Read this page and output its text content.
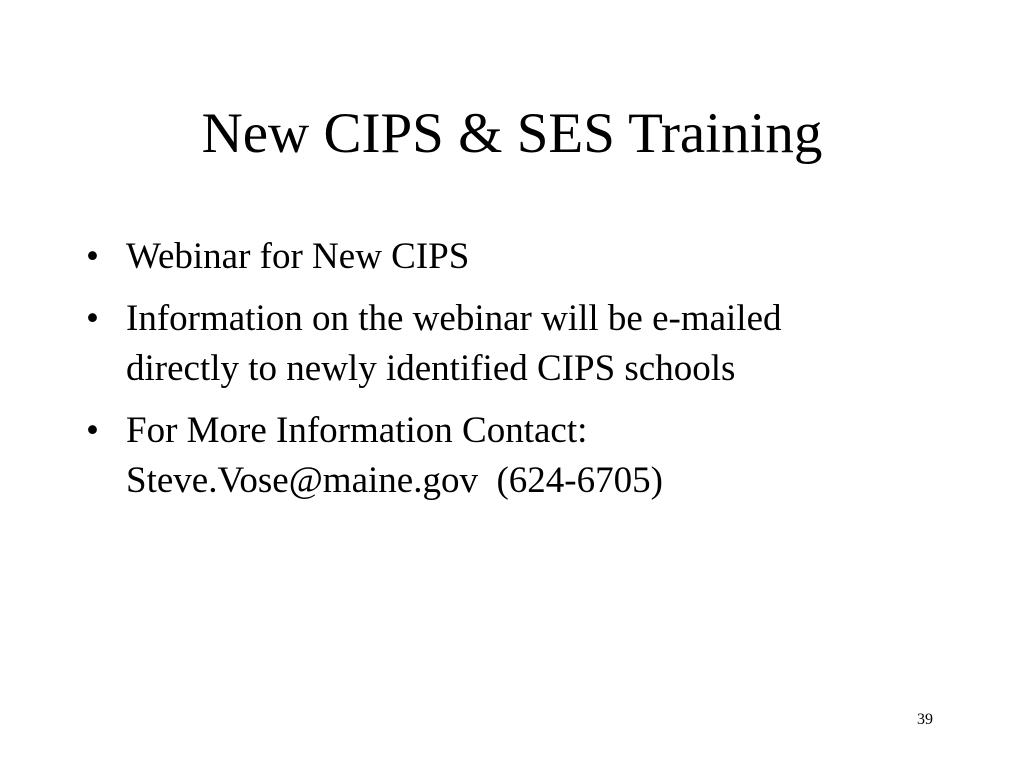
New CIPS & SES Training
• Webinar for New CIPS
• Information on the webinar will be e-mailed
directly to newly identified CIPS schools
• For More Information Contact:
Steve.Vose@maine.gov  (624-6705)
39
